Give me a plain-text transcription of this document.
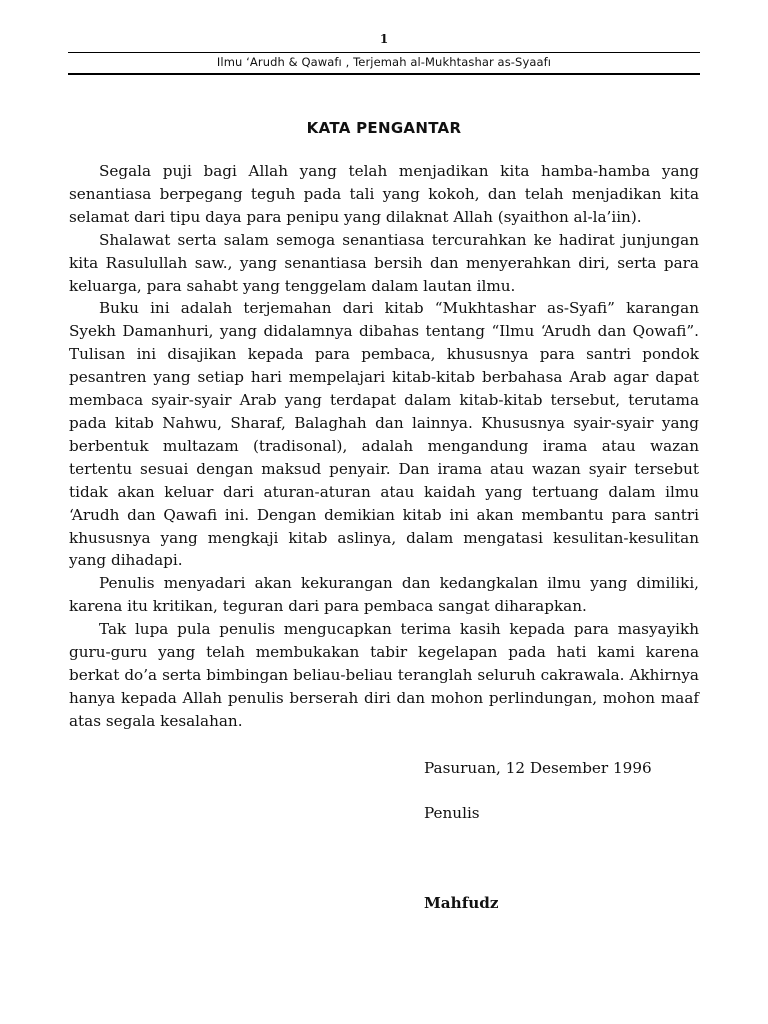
1
Ilmu ‘Arudh & Qawafı , Terjemah al-Mukhtashar as-Syaafı
KATA PENGANTAR

Segala puji bagi Allah yang telah menjadikan kita hamba-hamba yang senantiasa berpegang teguh pada tali yang kokoh, dan telah menjadikan kita selamat dari tipu daya para penipu yang dilaknat Allah (syaithon al-la’iin).

Shalawat serta salam semoga senantiasa tercurahkan ke hadirat junjungan kita Rasulullah saw., yang senantiasa bersih dan menyerahkan diri, serta para keluarga, para sahabt yang tenggelam dalam lautan ilmu.

Buku ini adalah terjemahan dari kitab “Mukhtashar as-Syafi” karangan Syekh Damanhuri, yang didalamnya dibahas tentang “Ilmu ‘Arudh dan Qowafi”. Tulisan ini disajikan kepada para pembaca, khususnya para santri pondok pesantren yang setiap hari mempelajari kitab-kitab berbahasa Arab agar dapat membaca syair-syair Arab yang terdapat dalam kitab-kitab tersebut, terutama pada kitab Nahwu, Sharaf, Balaghah dan lainnya. Khususnya syair-syair yang berbentuk multazam (tradisonal), adalah mengandung irama atau wazan tertentu sesuai dengan maksud penyair. Dan irama atau wazan syair tersebut tidak akan keluar dari aturan-aturan atau kaidah yang tertuang dalam ilmu ‘Arudh dan Qawafi ini. Dengan demikian kitab ini akan membantu para santri khususnya yang mengkaji kitab aslinya, dalam mengatasi kesulitan-kesulitan yang dihadapi.

Penulis menyadari akan kekurangan dan kedangkalan ilmu yang dimiliki, karena itu kritikan, teguran dari para pembaca sangat diharapkan.

Tak lupa pula penulis mengucapkan terima kasih kepada para masyayikh guru-guru yang telah membukakan tabir kegelapan pada hati kami karena berkat do’a serta bimbingan beliau-beliau teranglah seluruh cakrawala. Akhirnya hanya kepada Allah penulis berserah diri dan mohon perlindungan, mohon maaf atas segala kesalahan.

Pasuruan, 12 Desember 1996
Penulis
Mahfudz
